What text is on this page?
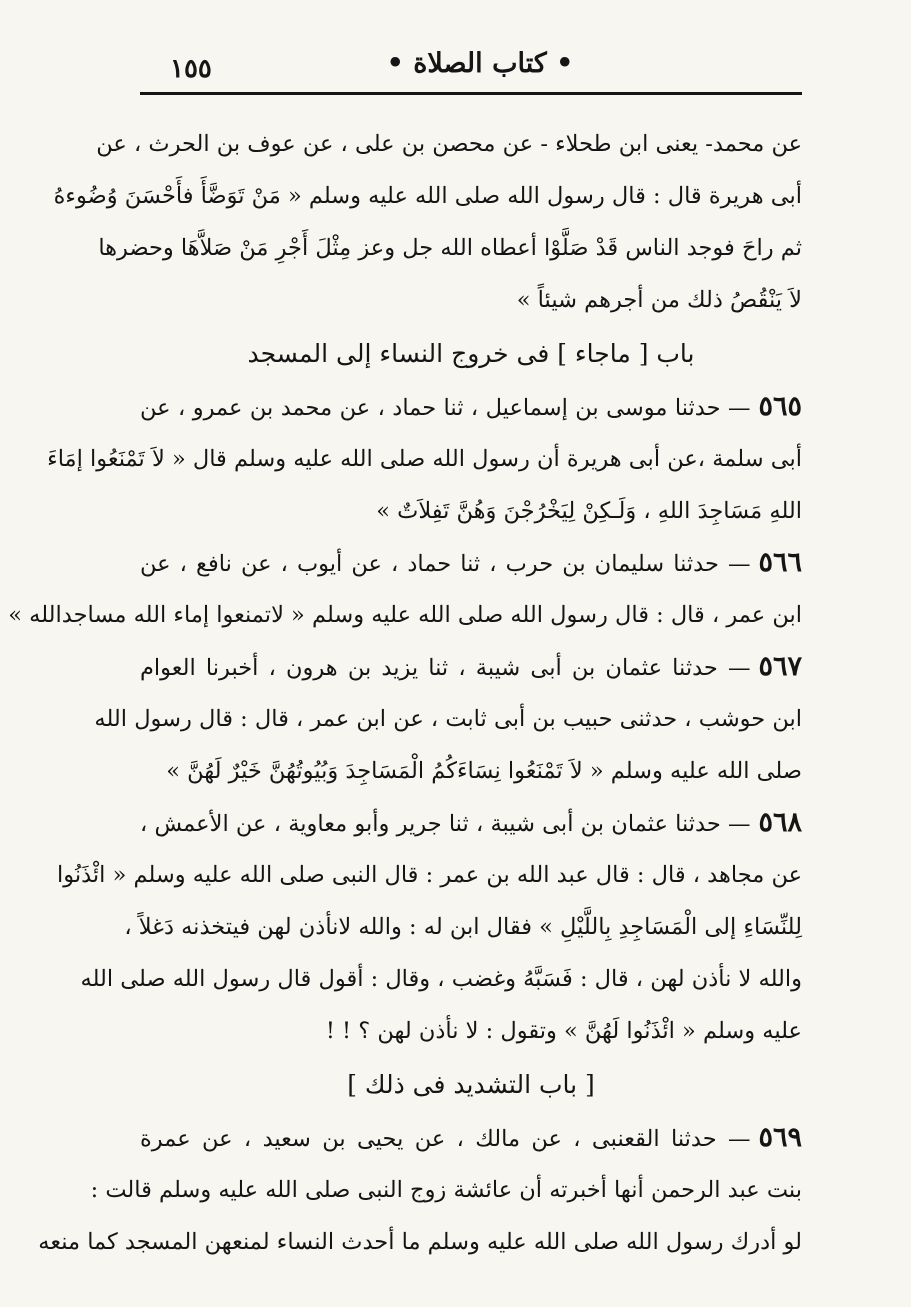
١٥٥	• كتاب الصلاة •
عن محمد- يعنى ابن طحلاء - عن محصن بن على ، عن عوف بن الحرث ، عن
أبى هريرة قال : قال رسول الله صلى الله عليه وسلم « مَنْ تَوَضَّأَ فأَحْسَنَ وُضُوءهُ
ثم راحَ فوجد الناس قَدْ صَلَّوْا أعطاه الله جل وعز مِثْلَ أَجْرِ مَنْ صَلاَّهَا وحضرها
لاَ يَنْقُصُ ذلك من أجرهم شيئاً »
باب [ ماجاء ] فى خروج النساء إلى المسجد
٥٦٥— حدثنا موسى بن إسماعيل ، ثنا حماد ، عن محمد بن عمرو ، عن
أبى سلمة ،عن أبى هريرة أن رسول الله صلى الله عليه وسلم قال « لاَ تَمْنَعُوا إمَاءَ
اللهِ مَسَاجِدَ اللهِ ، وَلَـكِنْ لِيَخْرُجْنَ وَهُنَّ تَفِلاَتٌ »
٥٦٦— حدثنا سليمان بن حرب ، ثنا حماد ، عن أيوب ، عن نافع ، عن
ابن عمر ، قال : قال رسول الله صلى الله عليه وسلم « لاتمنعوا إماء الله مساجدالله »
٥٦٧— حدثنا عثمان بن أبى شيبة ، ثنا يزيد بن هرون ، أخبرنا العوام
ابن حوشب ، حدثنى حبيب بن أبى ثابت ، عن ابن عمر ، قال : قال رسول الله
صلى الله عليه وسلم « لاَ تَمْنَعُوا نِسَاءَكُمُ الْمَسَاجِدَ وَبُيُوتُهُنَّ خَيْرٌ لَهُنَّ »
٥٦٨— حدثنا عثمان بن أبى شيبة ، ثنا جرير وأبو معاوية ، عن الأعمش ،
عن مجاهد ، قال : قال عبد الله بن عمر : قال النبى صلى الله عليه وسلم « ائْذَنُوا
لِلنِّسَاءِ إلى الْمَسَاجِدِ بِاللَّيْلِ » فقال ابن له : والله لانأذن لهن فيتخذنه دَغلاً ،
والله لا نأذن لهن ، قال : فَسَبَّهُ وغضب ، وقال : أقول قال رسول الله صلى الله
عليه وسلم « ائْذَنُوا لَهُنَّ » وتقول : لا نأذن لهن ؟ ! !
[ باب التشديد فى ذلك ]
٥٦٩— حدثنا القعنبى ، عن مالك ، عن يحيى بن سعيد ، عن عمرة
بنت عبد الرحمن أنها أخبرته أن عائشة زوج النبى صلى الله عليه وسلم قالت :
لو أدرك رسول الله صلى الله عليه وسلم ما أحدث النساء لمنعهن المسجد كما منعه
